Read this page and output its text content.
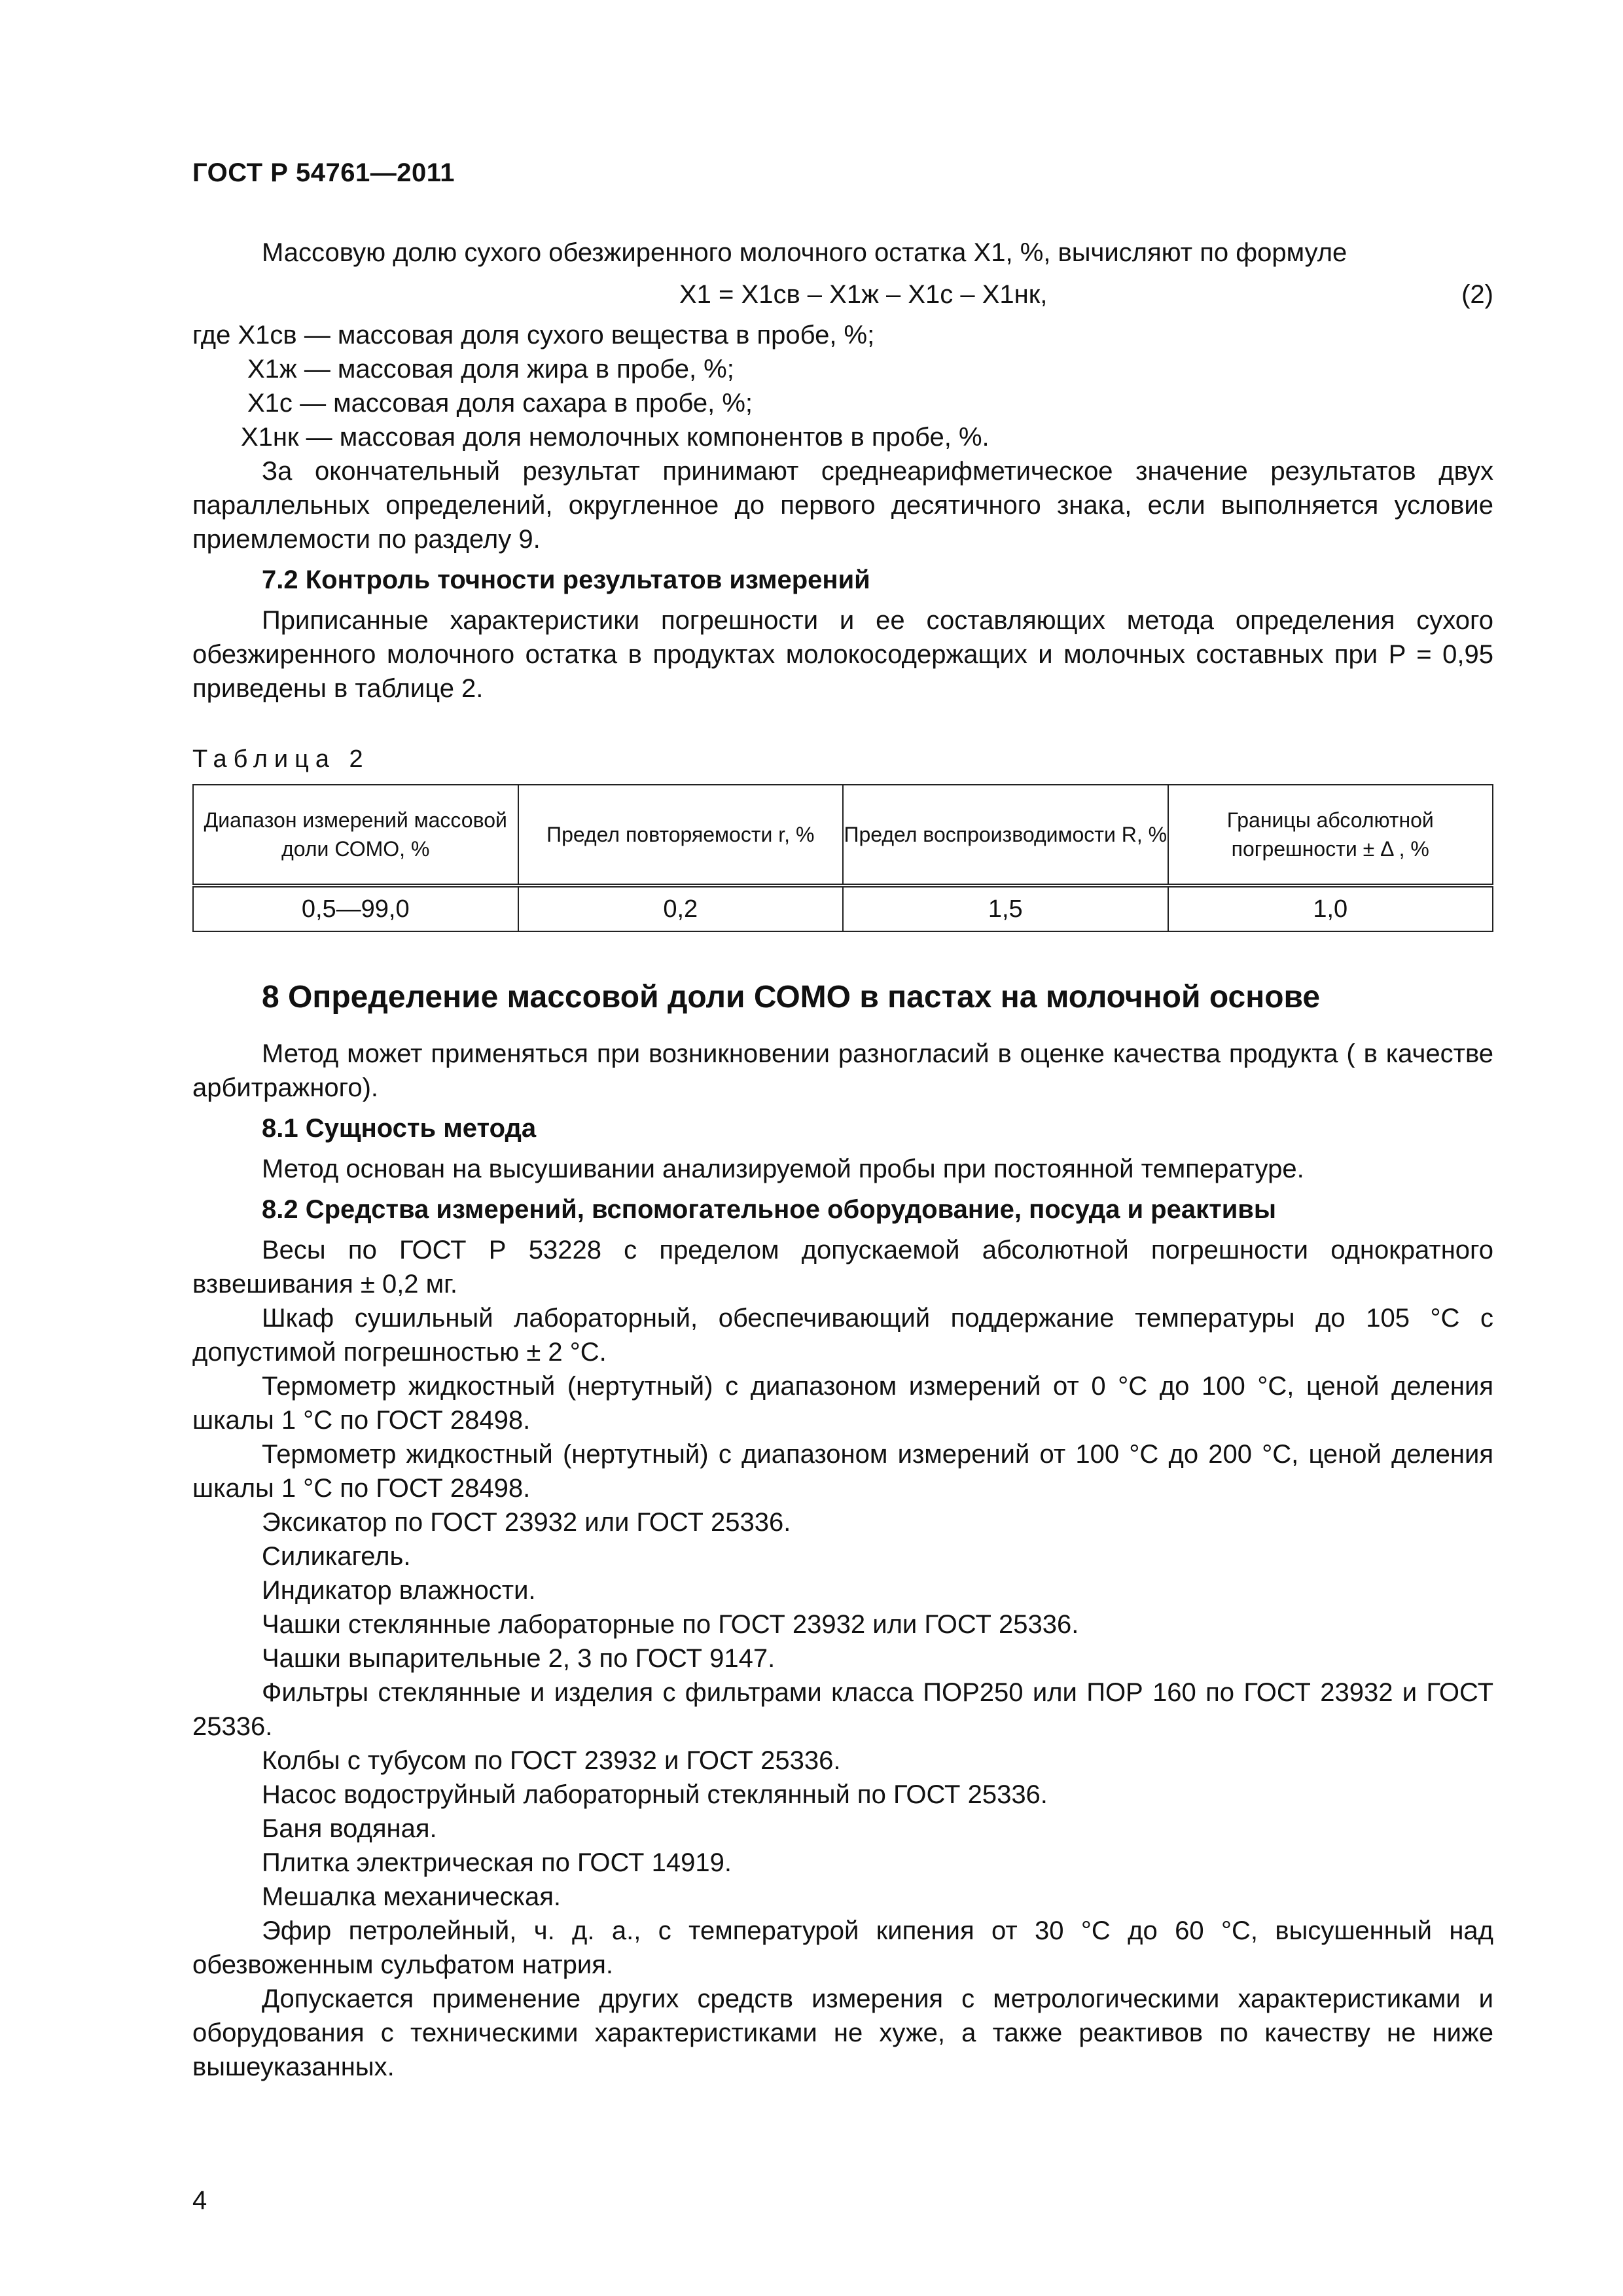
ГОСТ Р 54761—2011

Массовую долю сухого обезжиренного молочного остатка X1, %, вычисляют по формуле

X1 = X1св – X1ж – X1с – X1нк,	(2)
где X1св — массовая доля сухого вещества в пробе, %;
X1ж — массовая доля жира в пробе, %;
X1с — массовая доля сахара в пробе, %;
X1нк — массовая доля немолочных компонентов в пробе, %.

За окончательный результат принимают среднеарифметическое значение результатов двух параллельных определений, округленное до первого десятичного знака, если выполняется условие приемлемости по разделу 9.

7.2 Контроль точности результатов измерений

Приписанные характеристики погрешности и ее составляющих метода определения сухого обезжиренного молочного остатка в продуктах молокосодержащих и молочных составных при P = 0,95 приведены в таблице 2.

Таблица 2
Диапазон измерений массовой доли СОМО, %	Предел повторяемости r, %	Предел воспроизводимости R, %	Границы абсолютной погрешности ± Δ , %
0,5—99,0	0,2	1,5	1,0
8 Определение массовой доли СОМО в пастах на молочной основе

Метод может применяться при возникновении разногласий в оценке качества продукта ( в качестве арбитражного).

8.1 Сущность метода

Метод основан на высушивании анализируемой пробы при постоянной температуре.

8.2 Средства измерений, вспомогательное оборудование, посуда и реактивы

Весы по ГОСТ Р 53228 с пределом допускаемой абсолютной погрешности однократного взвешивания ± 0,2 мг.

Шкаф сушильный лабораторный, обеспечивающий поддержание температуры до 105 °С с допустимой погрешностью ± 2 °С.

Термометр жидкостный (нертутный) с диапазоном измерений от 0 °С до 100 °С, ценой деления шкалы 1 °С по ГОСТ 28498.

Термометр жидкостный (нертутный) с диапазоном измерений от 100 °С до 200 °С, ценой деления шкалы 1 °С по ГОСТ 28498.

Эксикатор по ГОСТ 23932 или ГОСТ 25336.

Силикагель.

Индикатор влажности.

Чашки стеклянные лабораторные по ГОСТ 23932 или ГОСТ 25336.

Чашки выпарительные 2, 3 по ГОСТ 9147.

Фильтры стеклянные и изделия с фильтрами класса ПОР250 или ПОР 160 по ГОСТ 23932 и ГОСТ 25336.

Колбы с тубусом по ГОСТ 23932 и ГОСТ 25336.

Насос водоструйный лабораторный стеклянный по ГОСТ 25336.

Баня водяная.

Плитка электрическая по ГОСТ 14919.

Мешалка механическая.

Эфир петролейный, ч. д. а., с температурой кипения от 30 °С до 60 °С, высушенный над обезвоженным сульфатом натрия.

Допускается применение других средств измерения с метрологическими характеристиками и оборудования с техническими характеристиками не хуже, а также реактивов по качеству не ниже вышеуказанных.

4
